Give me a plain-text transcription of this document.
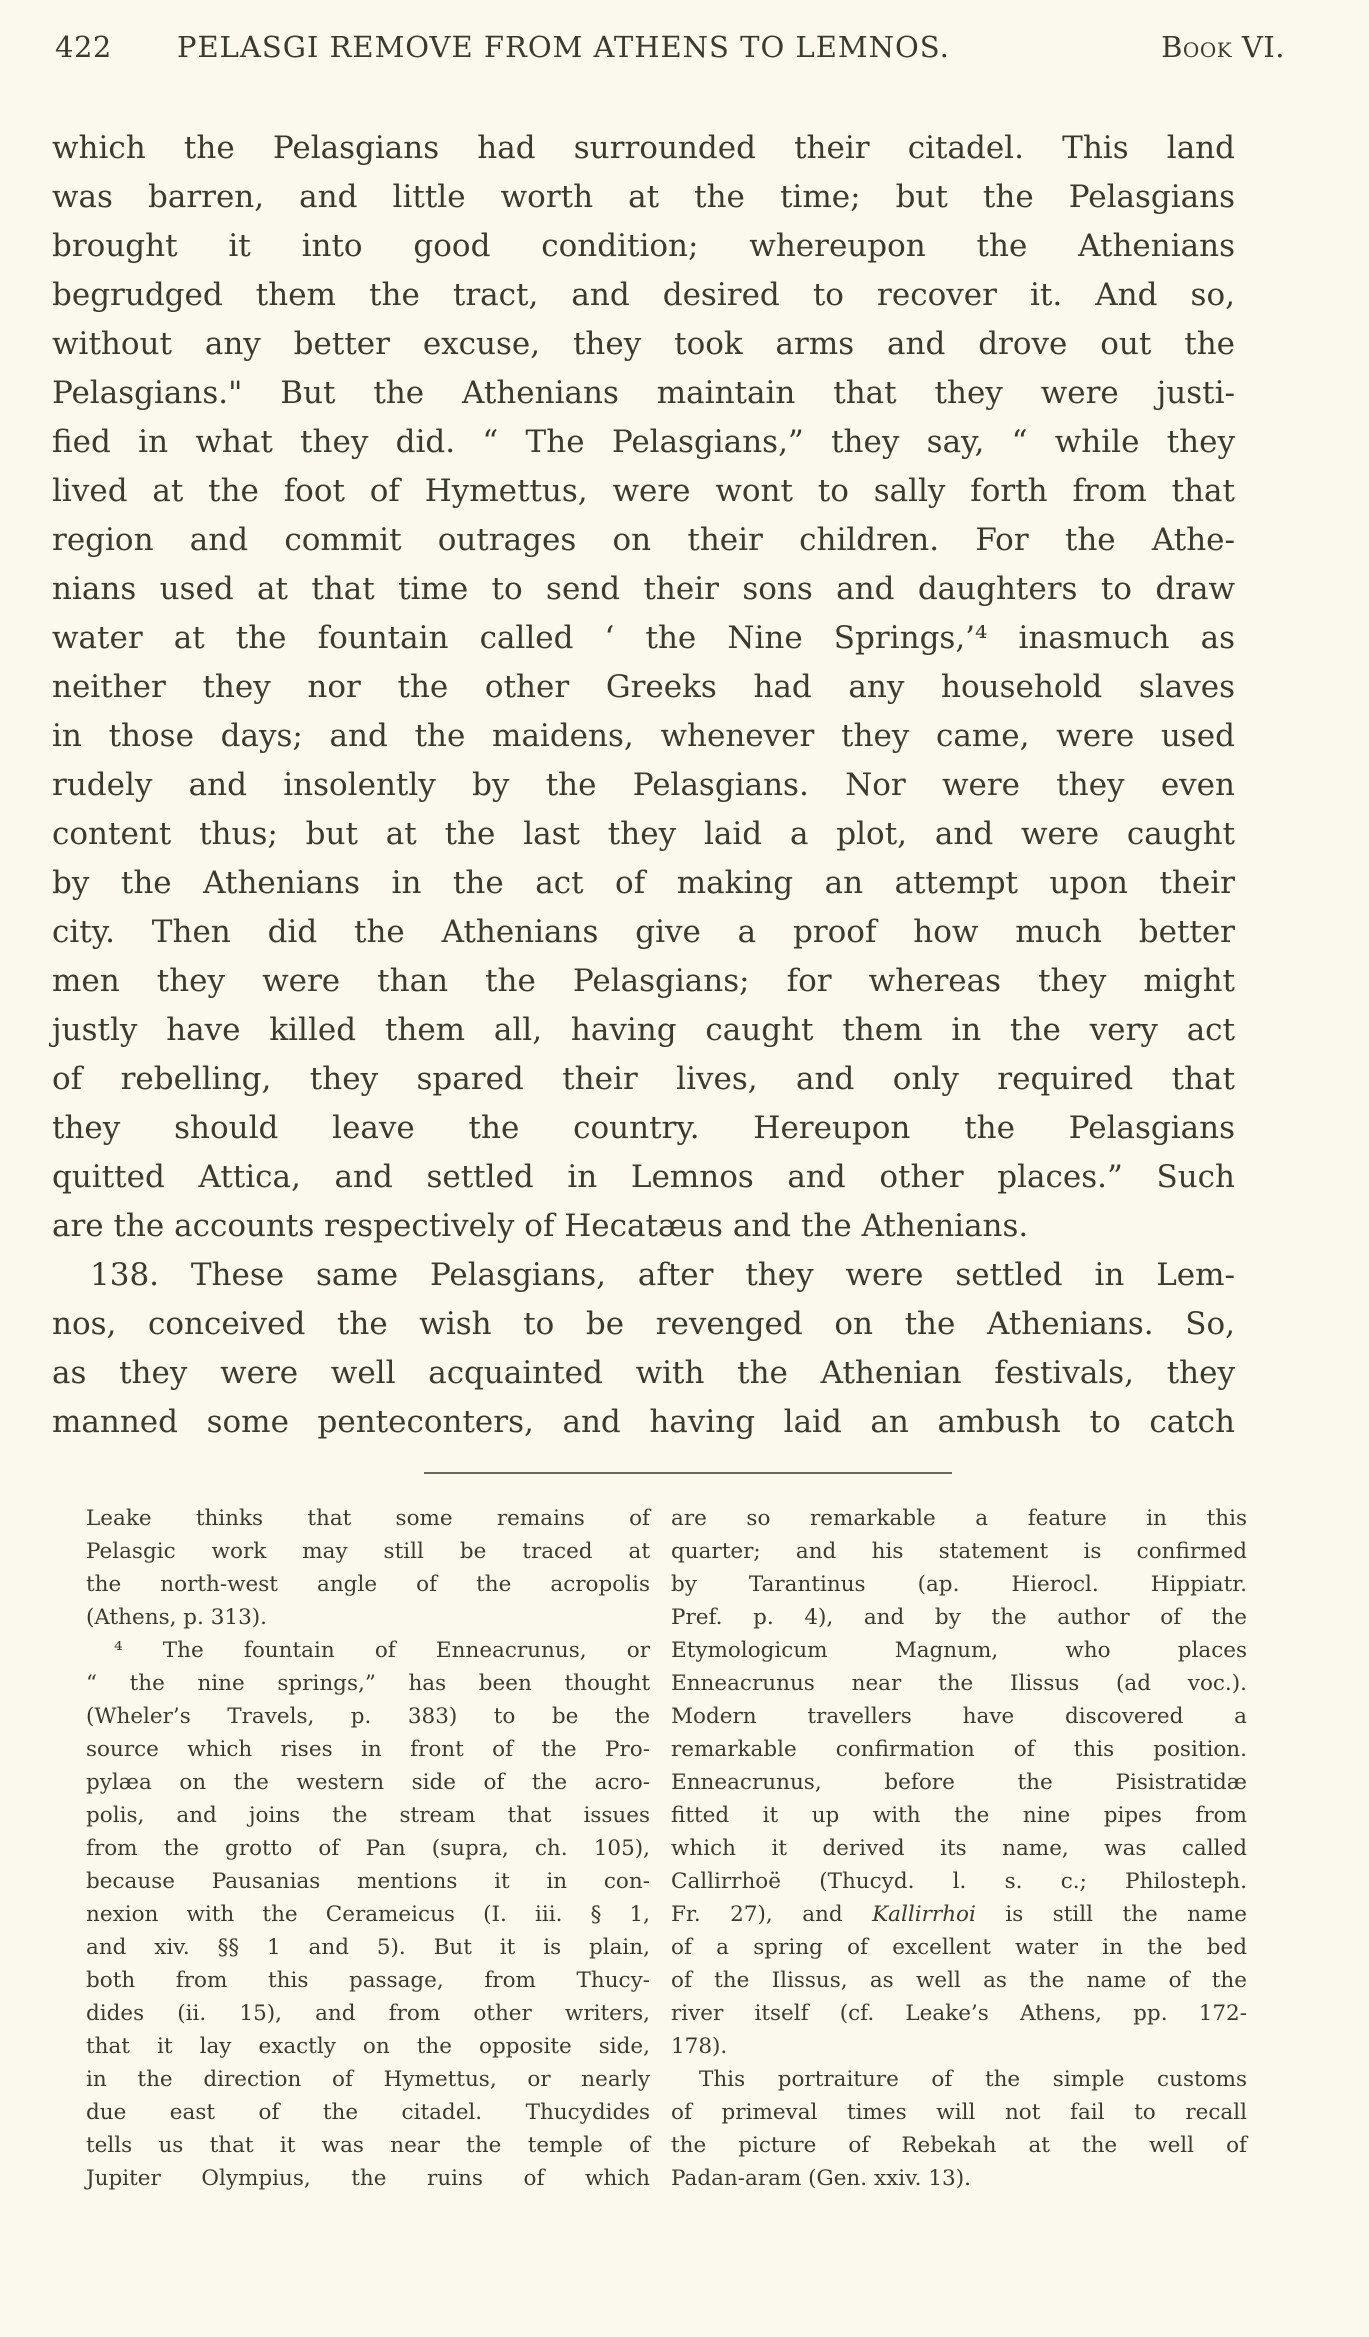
422 PELASGI REMOVE FROM ATHENS TO LEMNOS.	Book VI.
which the Pelasgians had surrounded their citadel. This land
was barren, and little worth at the time; but the Pelasgians
brought it into good condition; whereupon the Athenians
begrudged them the tract, and desired to recover it. And so,
without any better excuse, they took arms and drove out the
Pelasgians." But the Athenians maintain that they were justi-
fied in what they did. “ The Pelasgians,” they say, “ while they
lived at the foot of Hymettus, were wont to sally forth from that
region and commit outrages on their children. For the Athe-
nians used at that time to send their sons and daughters to draw
water at the fountain called ‘ the Nine Springs,’⁴ inasmuch as
neither they nor the other Greeks had any household slaves
in those days; and the maidens, whenever they came, were used
rudely and insolently by the Pelasgians. Nor were they even
content thus; but at the last they laid a plot, and were caught
by the Athenians in the act of making an attempt upon their
city. Then did the Athenians give a proof how much better
men they were than the Pelasgians; for whereas they might
justly have killed them all, having caught them in the very act
of rebelling, they spared their lives, and only required that
they should leave the country. Hereupon the Pelasgians
quitted Attica, and settled in Lemnos and other places.” Such
are the accounts respectively of Hecatæus and the Athenians.
138. These same Pelasgians, after they were settled in Lem-
nos, conceived the wish to be revenged on the Athenians. So,
as they were well acquainted with the Athenian festivals, they
manned some penteconters, and having laid an ambush to catch
Leake thinks that some remains of
Pelasgic work may still be traced at
the north-west angle of the acropolis
(Athens, p. 313).
⁴ The fountain of Enneacrunus, or
“ the nine springs,” has been thought
(Wheler’s Travels, p. 383) to be the
source which rises in front of the Pro-
pylæa on the western side of the acro-
polis, and joins the stream that issues
from the grotto of Pan (supra, ch. 105),
because Pausanias mentions it in con-
nexion with the Cerameicus (I. iii. § 1,
and xiv. §§ 1 and 5). But it is plain,
both from this passage, from Thucy-
dides (ii. 15), and from other writers,
that it lay exactly on the opposite side,
in the direction of Hymettus, or nearly
due east of the citadel. Thucydides
tells us that it was near the temple of
Jupiter Olympius, the ruins of which
are so remarkable a feature in this
quarter; and his statement is confirmed
by Tarantinus (ap. Hierocl. Hippiatr.
Pref. p. 4), and by the author of the
Etymologicum Magnum, who places
Enneacrunus near the Ilissus (ad voc.).
Modern travellers have discovered a
remarkable confirmation of this position.
Enneacrunus, before the Pisistratidæ
fitted it up with the nine pipes from
which it derived its name, was called
Callirrhoë (Thucyd. l. s. c.; Philosteph.
Fr. 27), and Kallirrhoi is still the name
of a spring of excellent water in the bed
of the Ilissus, as well as the name of the
river itself (cf. Leake’s Athens, pp. 172-
178).
This portraiture of the simple customs
of primeval times will not fail to recall
the picture of Rebekah at the well of
Padan-aram (Gen. xxiv. 13).
